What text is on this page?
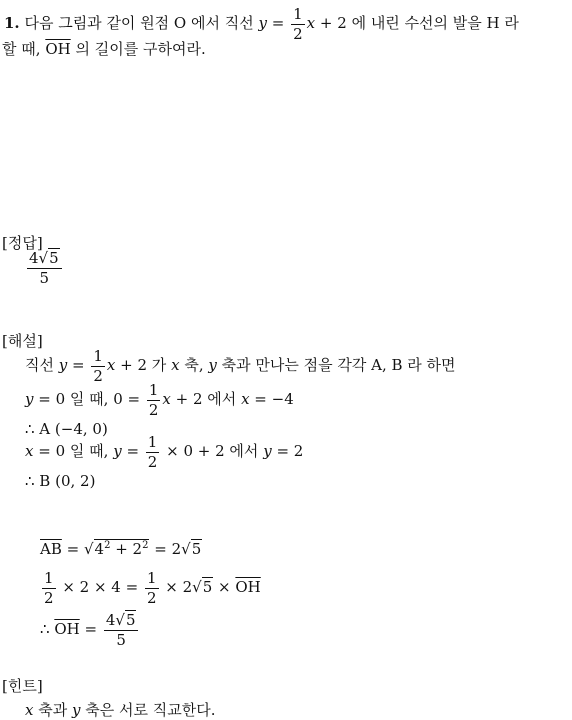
1. 다음 그림과 같이 원점 O 에서 직선 $y = \frac{1}{2}$ x + 2 에 내린 수선의 발을 H 라
할 때, $\overline{OH}$ 의 길이를 구하여라.
[정답]
$\frac{4√5}{5}$
[해설]
직선 $y = \frac{1}{2}$ x + 2 가 x 축, y 축과 만나는 점을 각각 A, B 라 하면
y = 0 일 때, $0 = \frac{1}{2}$ x + 2 에서 x = −4
∴ A (−4, 0)
x = 0 일 때, $y = \frac{1}{2} \times 0 + 2$ 에서 y = 2
∴ B (0, 2)
$\overline{AB} = √4^2 + 2^2 = 2√5$
$\frac{1}{2} \times 2 \times 4 = \frac{1}{2} \times 2√5 \times \overline{OH}$
∴ $\overline{OH} = \frac{4√5}{5}$
[힌트]
x 축과 y 축은 서로 직교한다.
